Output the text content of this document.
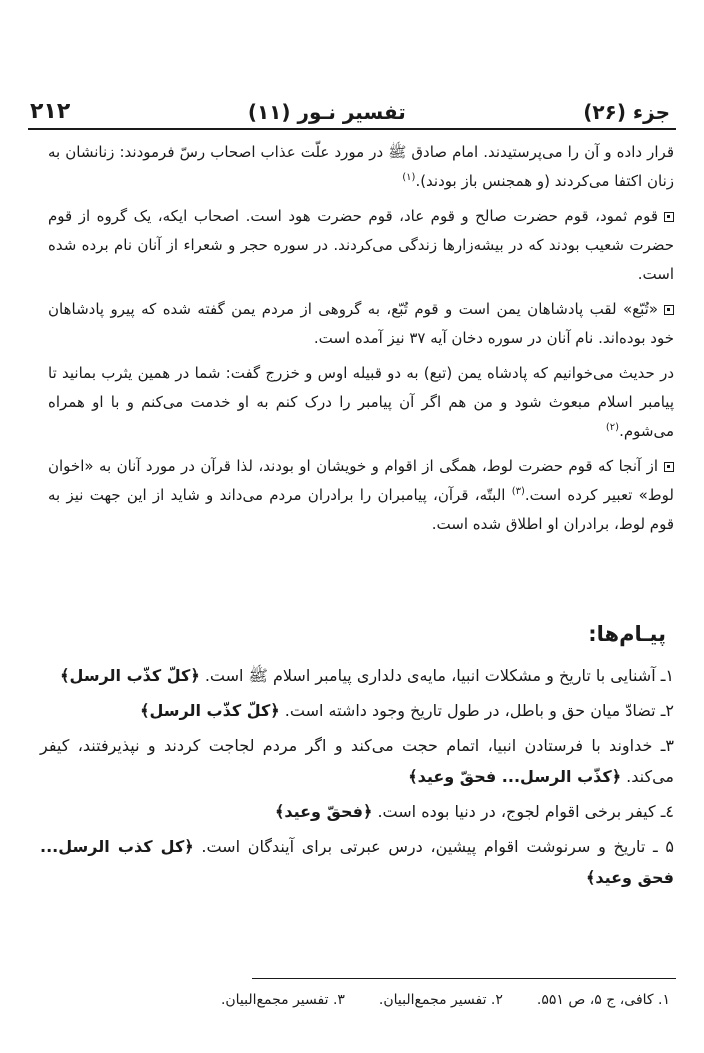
۲۱۲	تفسیر نـور (۱۱)	جزء (۲۶)

قرار داده و آن را می‌پرستیدند. امام صادق ﷺ در مورد علّت عذاب اصحاب رسّ فرمودند: زنانشان به زنان اکتفا می‌کردند (و همجنس باز بودند).$^{(۱)}$

قوم ثمود، قوم حضرت صالح و قوم عاد، قوم حضرت هود است. اصحاب ایکه، یک گروه از قوم حضرت شعیب بودند که در بیشه‌زارها زندگی می‌کردند. در سوره حجر و شعراء از آنان نام برده شده است.

«تُبّع» لقب پادشاهان یمن است و قوم تُبّع، به گروهی از مردم یمن گفته شده که پیرو پادشاهان خود بوده‌اند. نام آنان در سوره دخان آیه ۳۷ نیز آمده است.

در حدیث می‌خوانیم که پادشاه یمن (تبع) به دو قبیله اوس و خزرج گفت: شما در همین یثرب بمانید تا پیامبر اسلام مبعوث شود و من هم اگر آن پیامبر را درک کنم به او خدمت می‌کنم و با او همراه می‌شوم.$^{(۲)}$

از آنجا که قوم حضرت لوط، همگی از اقوام و خویشان او بودند، لذا قرآن در مورد آنان به «اخوان لوط» تعبیر کرده است.$^{(۳)}$ البتّه، قرآن، پیامبران را برادران مردم می‌داند و شاید از این جهت نیز به قوم لوط، برادران او اطلاق شده است.

پیـام‌ها:

۱ـ آشنایی با تاریخ و مشکلات انبیا، مایه‌ی دلداری پیامبر اسلام ﷺ است. ﴿کلّ کذّب الرسل﴾

۲ـ تضادّ میان حق و باطل، در طول تاریخ وجود داشته است. ﴿کلّ کذّب الرسل﴾

۳ـ خداوند با فرستادن انبیا، اتمام حجت می‌کند و اگر مردم لجاجت کردند و نپذیرفتند، کیفر می‌کند. ﴿کذّب الرسل... فحقّ وعید﴾

٤ـ کیفر برخی اقوام لجوج، در دنیا بوده است. ﴿فحقّ وعید﴾

۵ ـ تاریخ و سرنوشت اقوام پیشین، درس عبرتی برای آیندگان است. ﴿کل کذب الرسل... فحق وعید﴾

۱. کافی، ج ۵، ص ۵۵۱.
۲. تفسیر مجمع‌البیان.
۳. تفسیر مجمع‌البیان.
